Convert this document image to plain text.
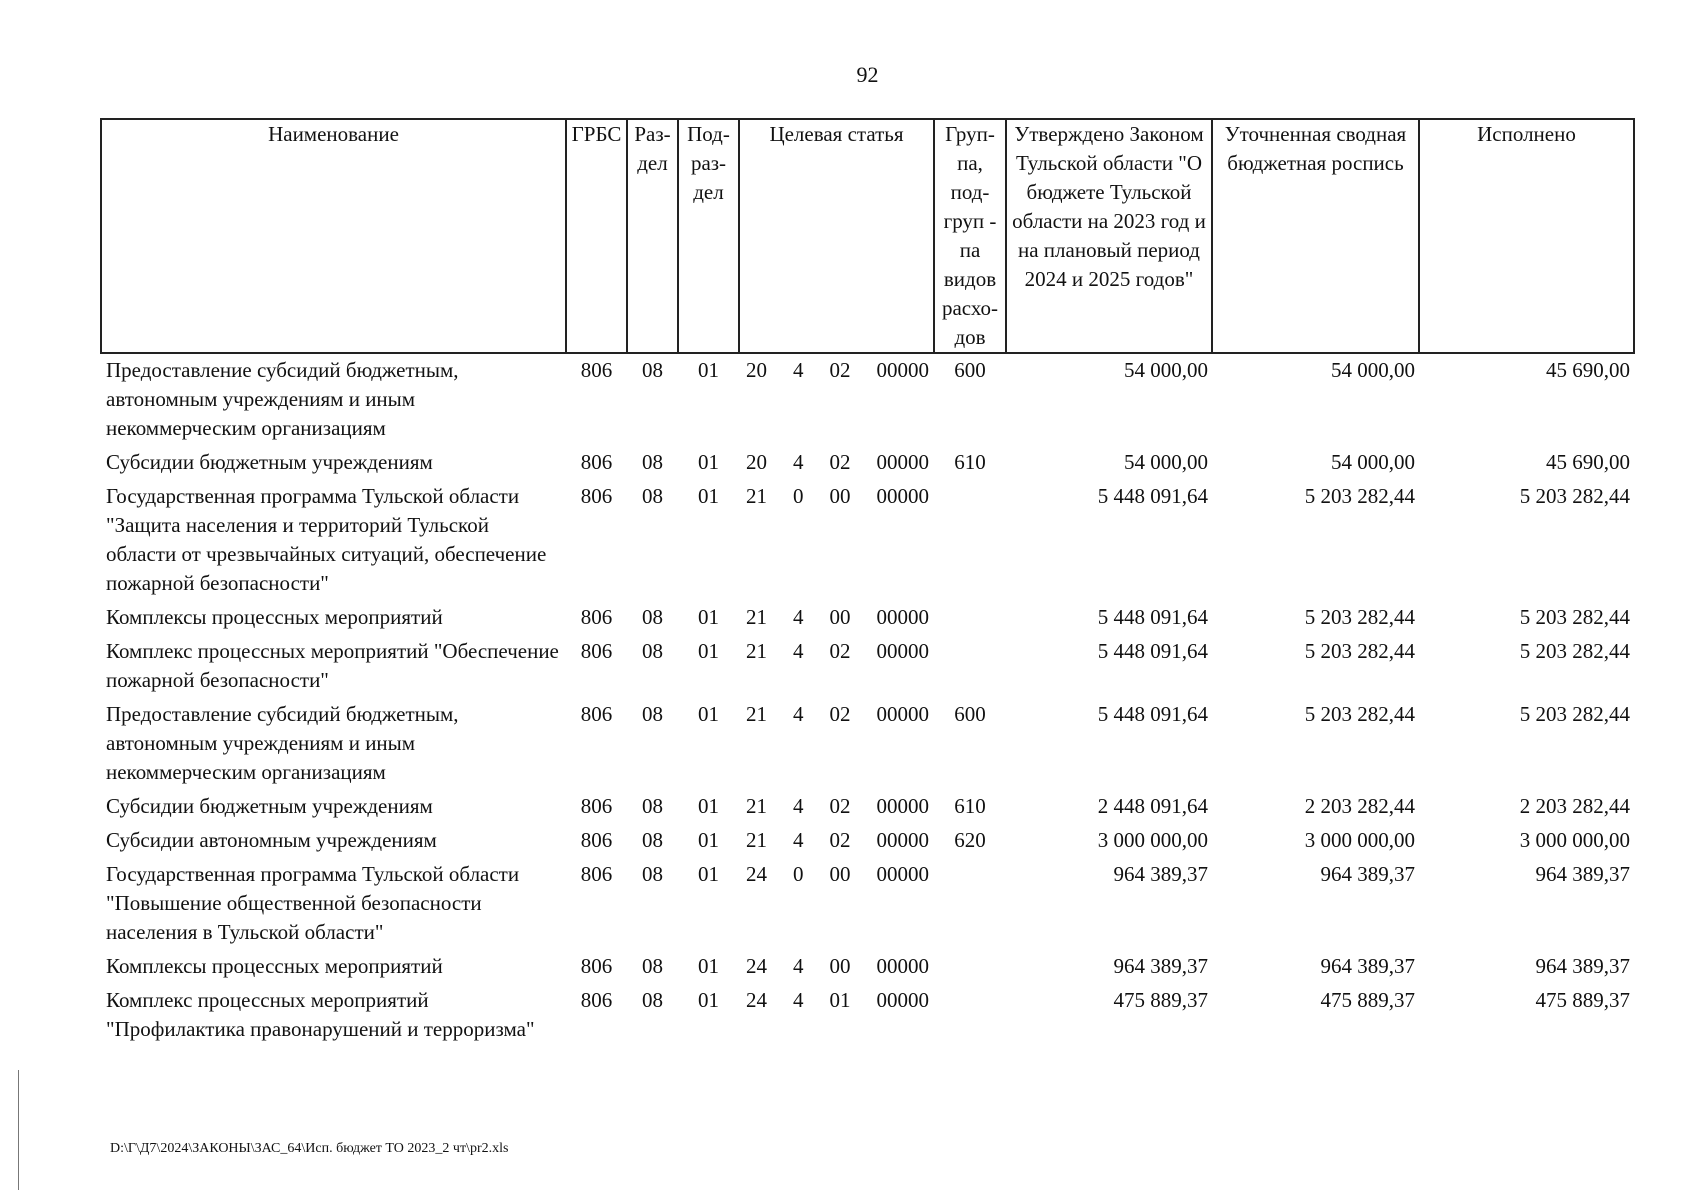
92
Наименование	ГРБС	Раз-дел	Под-раз-дел	Целевая статья	Груп-па, под-груп - па видов расхо-дов	Утверждено Законом Тульской области "О бюджете Тульской области на 2023 год и на плановый период 2024 и 2025 годов"	Уточненная сводная бюджетная роспись	Исполнено
Предоставление субсидий бюджетным, автономным учреждениям и иным некоммерческим организациям	806	08	01	20 4 02 00000	600	54 000,00	54 000,00	45 690,00
Субсидии бюджетным учреждениям	806	08	01	20 4 02 00000	610	54 000,00	54 000,00	45 690,00
Государственная программа Тульской области "Защита населения и территорий Тульской области от чрезвычайных ситуаций, обеспечение пожарной безопасности"	806	08	01	21 0 00 00000		5 448 091,64	5 203 282,44	5 203 282,44
Комплексы процессных мероприятий	806	08	01	21 4 00 00000		5 448 091,64	5 203 282,44	5 203 282,44
Комплекс процессных мероприятий "Обеспечение пожарной безопасности"	806	08	01	21 4 02 00000		5 448 091,64	5 203 282,44	5 203 282,44
Предоставление субсидий бюджетным, автономным учреждениям и иным некоммерческим организациям	806	08	01	21 4 02 00000	600	5 448 091,64	5 203 282,44	5 203 282,44
Субсидии бюджетным учреждениям	806	08	01	21 4 02 00000	610	2 448 091,64	2 203 282,44	2 203 282,44
Субсидии автономным учреждениям	806	08	01	21 4 02 00000	620	3 000 000,00	3 000 000,00	3 000 000,00
Государственная программа Тульской области "Повышение общественной безопасности населения в Тульской области"	806	08	01	24 0 00 00000		964 389,37	964 389,37	964 389,37
Комплексы процессных мероприятий	806	08	01	24 4 00 00000		964 389,37	964 389,37	964 389,37
Комплекс процессных мероприятий "Профилактика правонарушений и терроризма"	806	08	01	24 4 01 00000		475 889,37	475 889,37	475 889,37
D:\Г\Д7\2024\ЗАКОНЫ\ЗАС_64\Исп. бюджет ТО 2023_2 чт\pr2.xls
